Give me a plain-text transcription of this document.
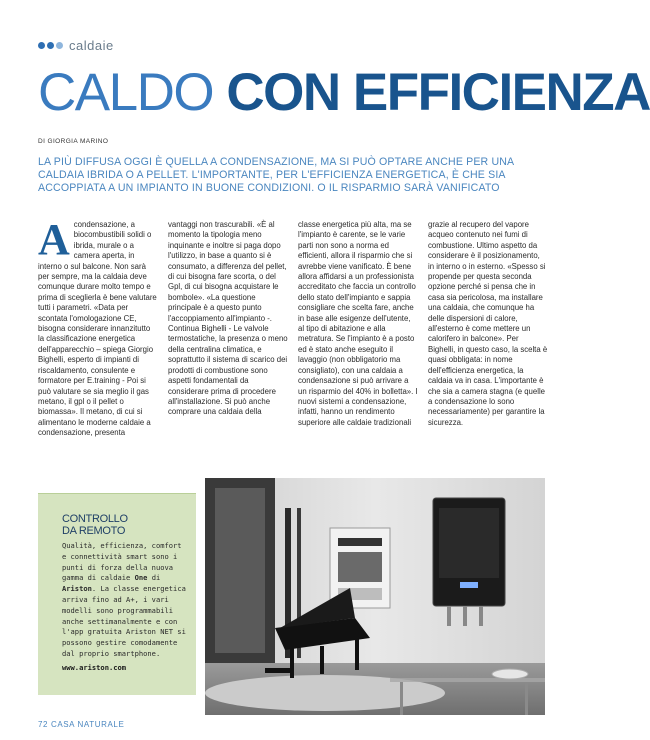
caldaie
CALDO CON EFFICIENZA
DI GIORGIA MARINO

LA PIÙ DIFFUSA OGGI È QUELLA A CONDENSAZIONE, MA SI PUÒ OPTARE ANCHE PER UNA CALDAIA IBRIDA O A PELLET. L'IMPORTANTE, PER L'EFFICIENZA ENERGETICA, È CHE SIA ACCOPPIATA A UN IMPIANTO IN BUONE CONDIZIONI. O IL RISPARMIO SARÀ VANIFICATO

A condensazione, a biocombustibili solidi o ibrida, murale o a camera aperta, in interno o sul balcone. Non sarà per sempre, ma la caldaia deve comunque durare molto tempo e prima di sceglierla è bene valutare tutti i parametri. «Data per scontata l'omologazione CE, bisogna considerare innanzitutto la classificazione energetica dell'apparecchio – spiega Giorgio Bighelli, esperto di impianti di riscaldamento, consulente e formatore per E.training - Poi si può valutare se sia meglio il gas metano, il gpl o il pellet o biomassa». Il metano, di cui si alimentano le moderne caldaie a condensazione, presenta

vantaggi non trascurabili. «È al momento la tipologia meno inquinante e inoltre si paga dopo l'utilizzo, in base a quanto si è consumato, a differenza del pellet, di cui bisogna fare scorta, o del Gpl, di cui bisogna acquistare le bombole». «La questione principale è a questo punto l'accoppiamento all'impianto -. Continua Bighelli - Le valvole termostatiche, la presenza o meno della centralina climatica, e soprattutto il sistema di scarico dei prodotti di combustione sono aspetti fondamentali da considerare prima di procedere all'installazione. Si può anche comprare una caldaia della

classe energetica più alta, ma se l'impianto è carente, se le varie parti non sono a norma ed efficienti, allora il risparmio che si avrebbe viene vanificato. È bene allora affidarsi a un professionista accreditato che faccia un controllo dello stato dell'impianto e sappia consigliare che scelta fare, anche in base alle esigenze dell'utente, al tipo di abitazione e alla metratura. Se l'impianto è a posto ed è stato anche eseguito il lavaggio (non obbligatorio ma consigliato), con una caldaia a condensazione si può arrivare a un risparmio del 40% in bolletta». I nuovi sistemi a condensazione, infatti, hanno un rendimento superiore alle caldaie tradizionali

grazie al recupero del vapore acqueo contenuto nei fumi di combustione. Ultimo aspetto da considerare è il posizionamento, in interno o in esterno. «Spesso si propende per questa seconda opzione perché si pensa che in casa sia pericolosa, ma installare una caldaia, che comunque ha delle dispersioni di calore, all'esterno è come mettere un calorifero in balcone». Per Bighelli, in questo caso, la scelta è quasi obbligata: in nome dell'efficienza energetica, la caldaia va in casa. L'importante è che sia a camera stagna (e quelle a condensazione lo sono necessariamente) per garantire la sicurezza.

CONTROLLO
DA REMOTO

Qualità, efficienza, comfort e connettività smart sono i punti di forza della nuova gamma di caldaie One di Ariston. La classe energetica arriva fino ad A+, i vari modelli sono programmabili anche settimanalmente e con l'app gratuita Ariston NET si possono gestire comodamente dal proprio smartphone.

www.ariston.com
72 CASA NATURALE
